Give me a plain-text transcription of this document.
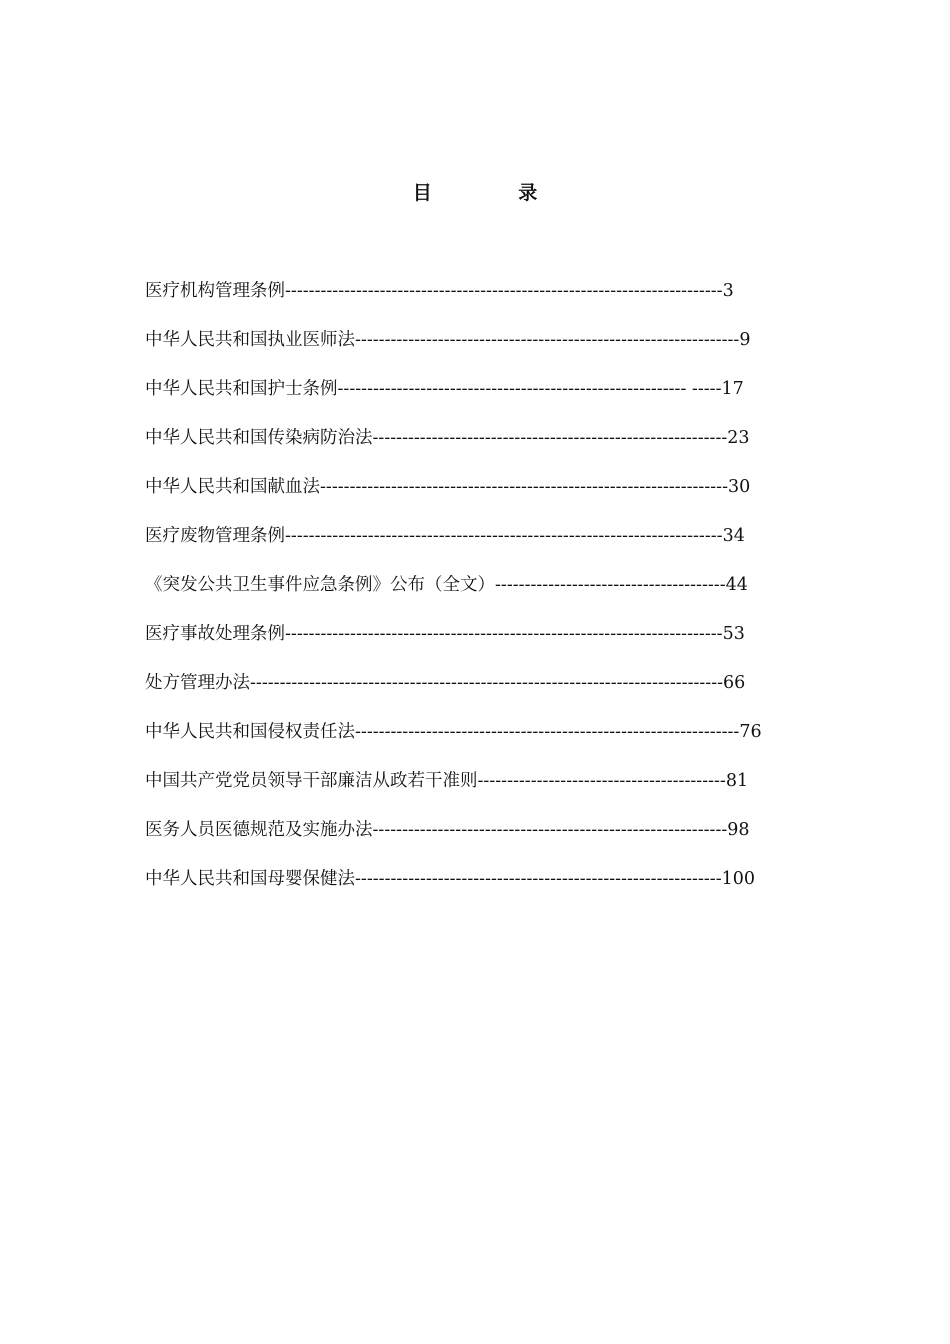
目 录
医疗机构管理条例--------------------------------------------------------------------------3
中华人民共和国执业医师法-----------------------------------------------------------------9
中华人民共和国护士条例----------------------------------------------------------- -----17
中华人民共和国传染病防治法------------------------------------------------------------23
中华人民共和国献血法---------------------------------------------------------------------30
医疗废物管理条例--------------------------------------------------------------------------34
《突发公共卫生事件应急条例》公布（全文）---------------------------------------44
医疗事故处理条例--------------------------------------------------------------------------53
处方管理办法--------------------------------------------------------------------------------66
中华人民共和国侵权责任法-----------------------------------------------------------------76
中国共产党党员领导干部廉洁从政若干准则------------------------------------------81
医务人员医德规范及实施办法------------------------------------------------------------98
中华人民共和国母婴保健法--------------------------------------------------------------100
